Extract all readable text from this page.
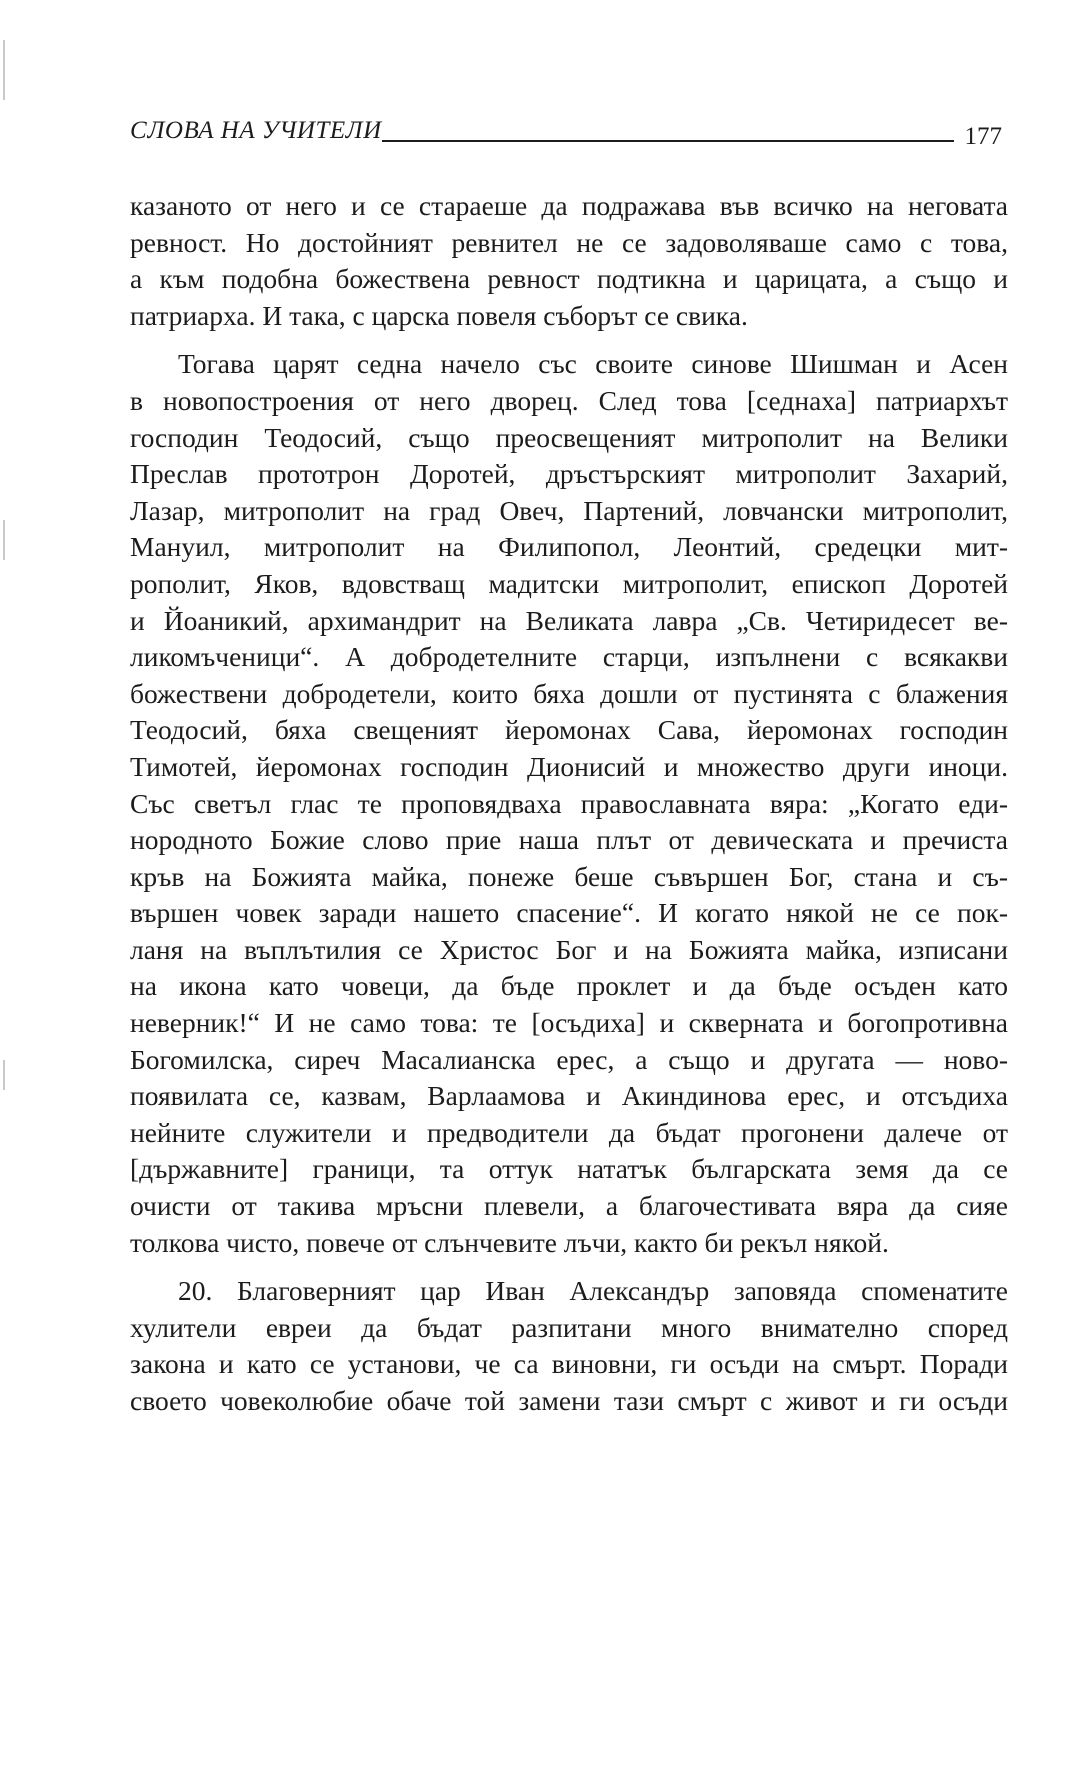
СЛОВА НА УЧИТЕЛИ	177
казаното от него и се стараеше да подражава във всичко на неговата
ревност. Но достойният ревнител не се задоволяваше само с това,
а към подобна божествена ревност подтикна и царицата, а също и
патриарха. И така, с царска повеля съборът се свика.
Тогава царят седна начело със своите синове Шишман и Асен
в новопостроения от него дворец. След това [седнаха] патриархът
господин Теодосий, също преосвещеният митрополит на Велики
Преслав прототрон Доротей, дръстърският митрополит Захарий,
Лазар, митрополит на град Овеч, Партений, ловчански митрополит,
Мануил, митрополит на Филипопол, Леонтий, средецки мит-
рополит, Яков, вдовстващ мадитски митрополит, епископ Доротей
и Йоаникий, архимандрит на Великата лавра „Св. Четиридесет ве-
ликомъченици“. А добродетелните старци, изпълнени с всякакви
божествени добродетели, които бяха дошли от пустинята с блажения
Теодосий, бяха свещеният йеромонах Сава, йеромонах господин
Тимотей, йеромонах господин Дионисий и множество други иноци.
Със светъл глас те проповядваха православната вяра: „Когато еди-
нородното Божие слово прие наша плът от девическата и пречиста
кръв на Божията майка, понеже беше съвършен Бог, стана и съ-
вършен човек заради нашето спасение“. И когато някой не се пок-
ланя на въплътилия се Христос Бог и на Божията майка, изписани
на икона като човеци, да бъде проклет и да бъде осъден като
неверник!“ И не само това: те [осъдиха] и скверната и богопротивна
Богомилска, сиреч Масалианска ерес, а също и другата — ново-
появилата се, казвам, Варлаамова и Акиндинова ерес, и отсъдиха
нейните служители и предводители да бъдат прогонени далече от
[държавните] граници, та оттук нататък българската земя да се
очисти от такива мръсни плевели, а благочестивата вяра да сияе
толкова чисто, повече от слънчевите лъчи, както би рекъл някой.
20. Благоверният цар Иван Александър заповяда споменатите
хулители евреи да бъдат разпитани много внимателно според
закона и като се установи, че са виновни, ги осъди на смърт. Поради
своето човеколюбие обаче той замени тази смърт с живот и ги осъди
